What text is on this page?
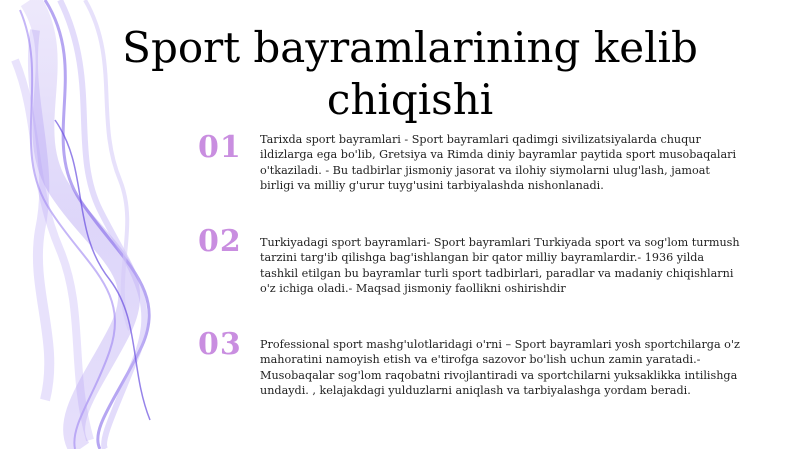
Sport bayramlarining kelib chiqishi
01	Tarixda sport bayramlari - Sport bayramlari qadimgi sivilizatsiyalarda chuqur ildizlarga ega bo'lib, Gretsiya va Rimda diniy bayramlar paytida sport musobaqalari o'tkaziladi. - Bu tadbirlar jismoniy jasorat va ilohiy siymolarni ulug'lash, jamoat birligi va milliy g'urur tuyg'usini tarbiyalashda nishonlanadi.

02	Turkiyadagi sport bayramlari- Sport bayramlari Turkiyada sport va sog'lom turmush tarzini targ'ib qilishga bag'ishlangan bir qator milliy bayramlardir.- 1936 yilda tashkil etilgan bu bayramlar turli sport tadbirlari, paradlar va madaniy chiqishlarni o'z ichiga oladi.- Maqsad jismoniy faollikni oshirishdir

03	Professional sport mashg'ulotlaridagi o'rni – Sport bayramlari yosh sportchilarga o'z mahoratini namoyish etish va e'tirofga sazovor bo'lish uchun zamin yaratadi.- Musobaqalar sog'lom raqobatni rivojlantiradi va sportchilarni yuksaklikka intilishga undaydi. , kelajakdagi yulduzlarni aniqlash va tarbiyalashga yordam beradi.
